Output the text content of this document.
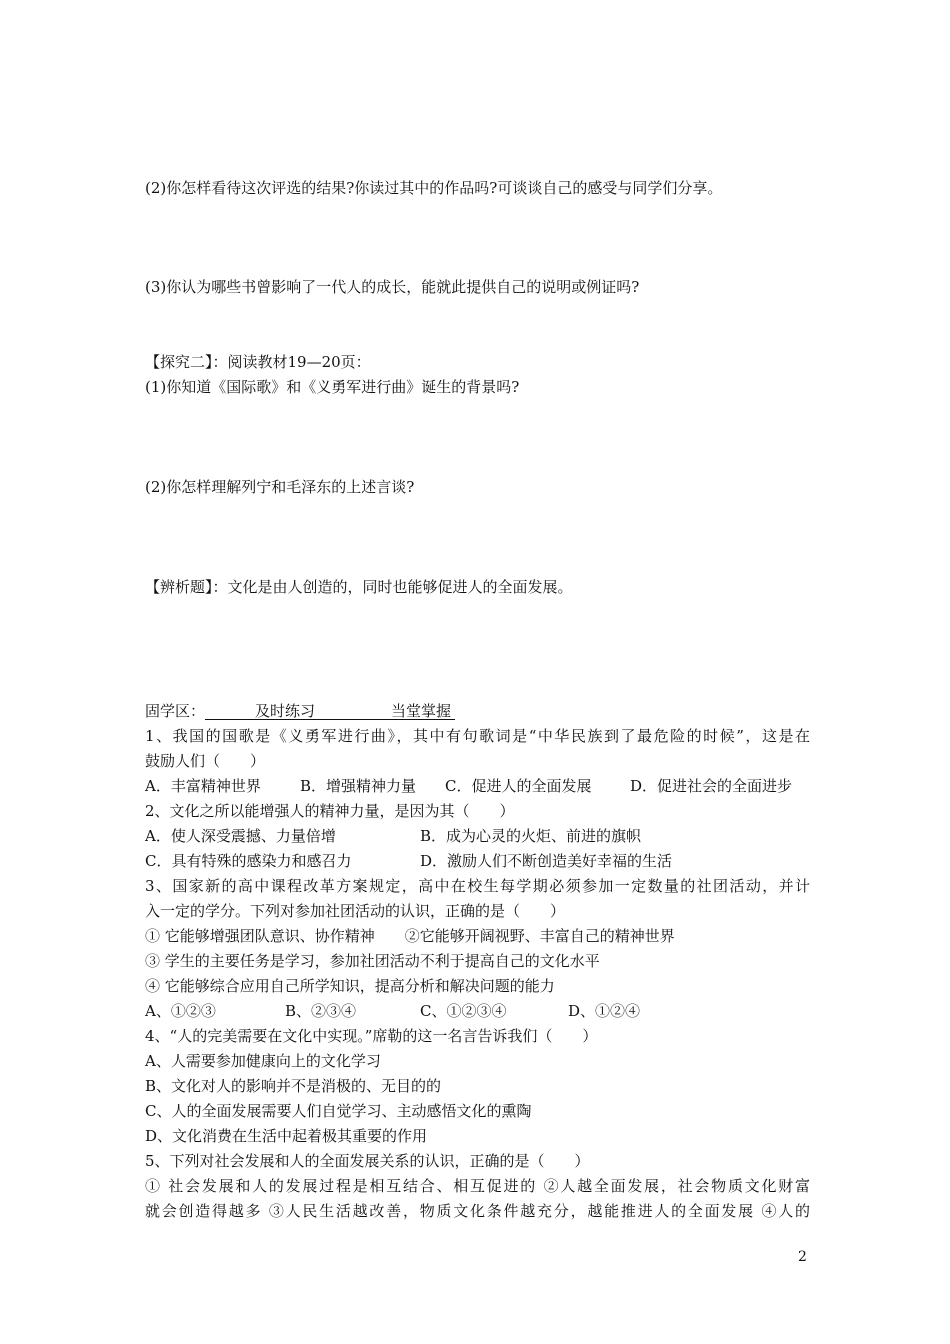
(2)你怎样看待这次评选的结果?你读过其中的作品吗?可谈谈自己的感受与同学们分享。
(3)你认为哪些书曾影响了一代人的成长，能就此提供自己的说明或例证吗?
【探究二】：阅读教材19—20页：
(1)你知道《国际歌》和《义勇军进行曲》诞生的背景吗?
(2)你怎样理解列宁和毛泽东的上述言谈?
【辨析题】：文化是由人创造的，同时也能够促进人的全面发展。
固学区：	及时练习	当堂掌握
1、我国的国歌是《义勇军进行曲》，其中有句歌词是“中华民族到了最危险的时候”，这是在
鼓励人们（　　）
A．丰富精神世界	B．增强精神力量	C．促进人的全面发展	D．促进社会的全面进步
2、文化之所以能增强人的精神力量，是因为其（　　）
A．使人深受震撼、力量倍增	B．成为心灵的火炬、前进的旗帜
C．具有特殊的感染力和感召力	D．激励人们不断创造美好幸福的生活
3、国家新的高中课程改革方案规定，高中在校生每学期必须参加一定数量的社团活动，并计
入一定的学分。下列对参加社团活动的认识，正确的是（　　）
① 它能够增强团队意识、协作精神　　②它能够开阔视野、丰富自己的精神世界
③ 学生的主要任务是学习，参加社团活动不利于提高自己的文化水平
④ 它能够综合应用自己所学知识，提高分析和解决问题的能力
A、①②③	B、②③④	C、①②③④	D、①②④
4、“人的完美需要在文化中实现。”席勒的这一名言告诉我们（　　）
A、人需要参加健康向上的文化学习
B、文化对人的影响并不是消极的、无目的的
C、人的全面发展需要人们自觉学习、主动感悟文化的熏陶
D、文化消费在生活中起着极其重要的作用
5、下列对社会发展和人的全面发展关系的认识，正确的是（　　）
① 社会发展和人的发展过程是相互结合、相互促进的 ②人越全面发展，社会物质文化财富
就会创造得越多 ③人民生活越改善，物质文化条件越充分，越能推进人的全面发展 ④人的
2
